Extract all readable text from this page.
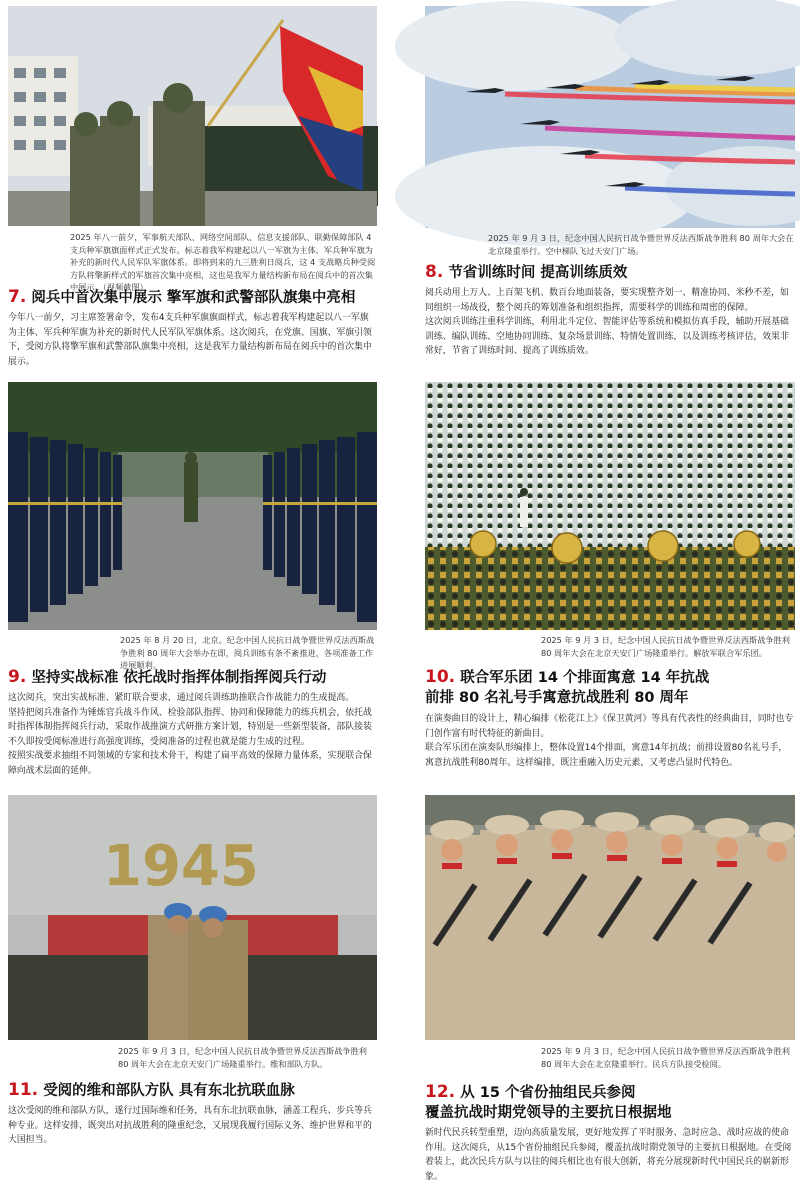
2025 年八一前夕，军事航天部队、网络空间部队、信息支援部队、联勤保障部队 4 支兵种军旗旗面样式正式发布。标志着我军构建起以八一军旗为主体、军兵种军旗为补充的新时代人民军队军旗体系。即将到来的九三胜利日阅兵，这 4 支战略兵种受阅方队将擎新样式的军旗首次集中亮相，这也是我军力量结构新布局在阅兵中的首次集中展示。（视频截图）
7. 阅兵中首次集中展示 擎军旗和武警部队旗集中亮相

今年八一前夕，习主席签署命令，发布4支兵种军旗旗面样式，标志着我军构建起以八一军旗为主体、军兵种军旗为补充的新时代人民军队军旗体系。这次阅兵，在党旗、国旗、军旗引领下，受阅方队将擎军旗和武警部队旗集中亮相，这是我军力量结构新布局在阅兵中的首次集中展示。

2025 年 9 月 3 日，纪念中国人民抗日战争暨世界反法西斯战争胜利 80 周年大会在北京隆重举行。空中梯队飞过天安门广场。
8. 节省训练时间 提高训练质效

阅兵动用上万人、上百架飞机、数百台地面装备，要实现整齐划一、精准协同、米秒不差，如同组织一场战役，整个阅兵的筹划准备和组织指挥，需要科学的训练和周密的保障。

这次阅兵训练注重科学训练，利用北斗定位、智能评估等系统和模拟仿真手段，辅助开展基础训练、编队训练、空地协同训练、复杂场景训练、特情处置训练，以及训练考核评估，效果非常好，节省了训练时间、提高了训练质效。

2025 年 8 月 20 日，北京。纪念中国人民抗日战争暨世界反法西斯战争胜利 80 周年大会举办在即，阅兵训练有条不紊推进，各项准备工作进展顺利。
9. 坚持实战标准 依托战时指挥体制指挥阅兵行动

这次阅兵，突出实战标准、紧盯联合要求，通过阅兵训练助推联合作战能力的生成提高。

坚持把阅兵准备作为锤炼官兵战斗作风、检验部队指挥、协同和保障能力的练兵机会，依托战时指挥体制指挥阅兵行动，采取作战推演方式研推方案计划，特别是一些新型装备，部队接装不久即按受阅标准进行高强度训练，受阅准备的过程也就是能力生成的过程。

按照实战要求抽组不同领域的专家和技术骨干，构建了扁平高效的保障力量体系，实现联合保障向战术层面的延伸。

2025 年 9 月 3 日，纪念中国人民抗日战争暨世界反法西斯战争胜利 80 周年大会在北京天安门广场隆重举行。解放军联合军乐团。
10. 联合军乐团 14 个排面寓意 14 年抗战
前排 80 名礼号手寓意抗战胜利 80 周年

在演奏曲目的设计上，精心编排《松花江上》《保卫黄河》等具有代表性的经典曲目，同时也专门创作富有时代特征的新曲目。

联合军乐团在演奏队形编排上，整体设置14个排面，寓意14年抗战；前排设置80名礼号手，寓意抗战胜利80周年。这样编排，既注重融入历史元素，又考虑凸显时代特色。

1945
2025 年 9 月 3 日，纪念中国人民抗日战争暨世界反法西斯战争胜利 80 周年大会在北京天安门广场隆重举行。维和部队方队。
11. 受阅的维和部队方队 具有东北抗联血脉

这次受阅的维和部队方队，遂行过国际维和任务，具有东北抗联血脉，涵盖工程兵、步兵等兵种专业。这样安排，既突出对抗战胜利的隆重纪念，又展现我履行国际义务、维护世界和平的大国担当。

2025 年 9 月 3 日，纪念中国人民抗日战争暨世界反法西斯战争胜利 80 周年大会在北京隆重举行。民兵方队接受检阅。
12. 从 15 个省份抽组民兵参阅
覆盖抗战时期党领导的主要抗日根据地

新时代民兵转型重塑，迈向高质量发展，更好地发挥了平时服务、急时应急、战时应战的使命作用。这次阅兵，从15个省份抽组民兵参阅，覆盖抗战时期党领导的主要抗日根据地。在受阅着装上，此次民兵方队与以往的阅兵相比也有很大创新，将充分展现新时代中国民兵的崭新形象。
